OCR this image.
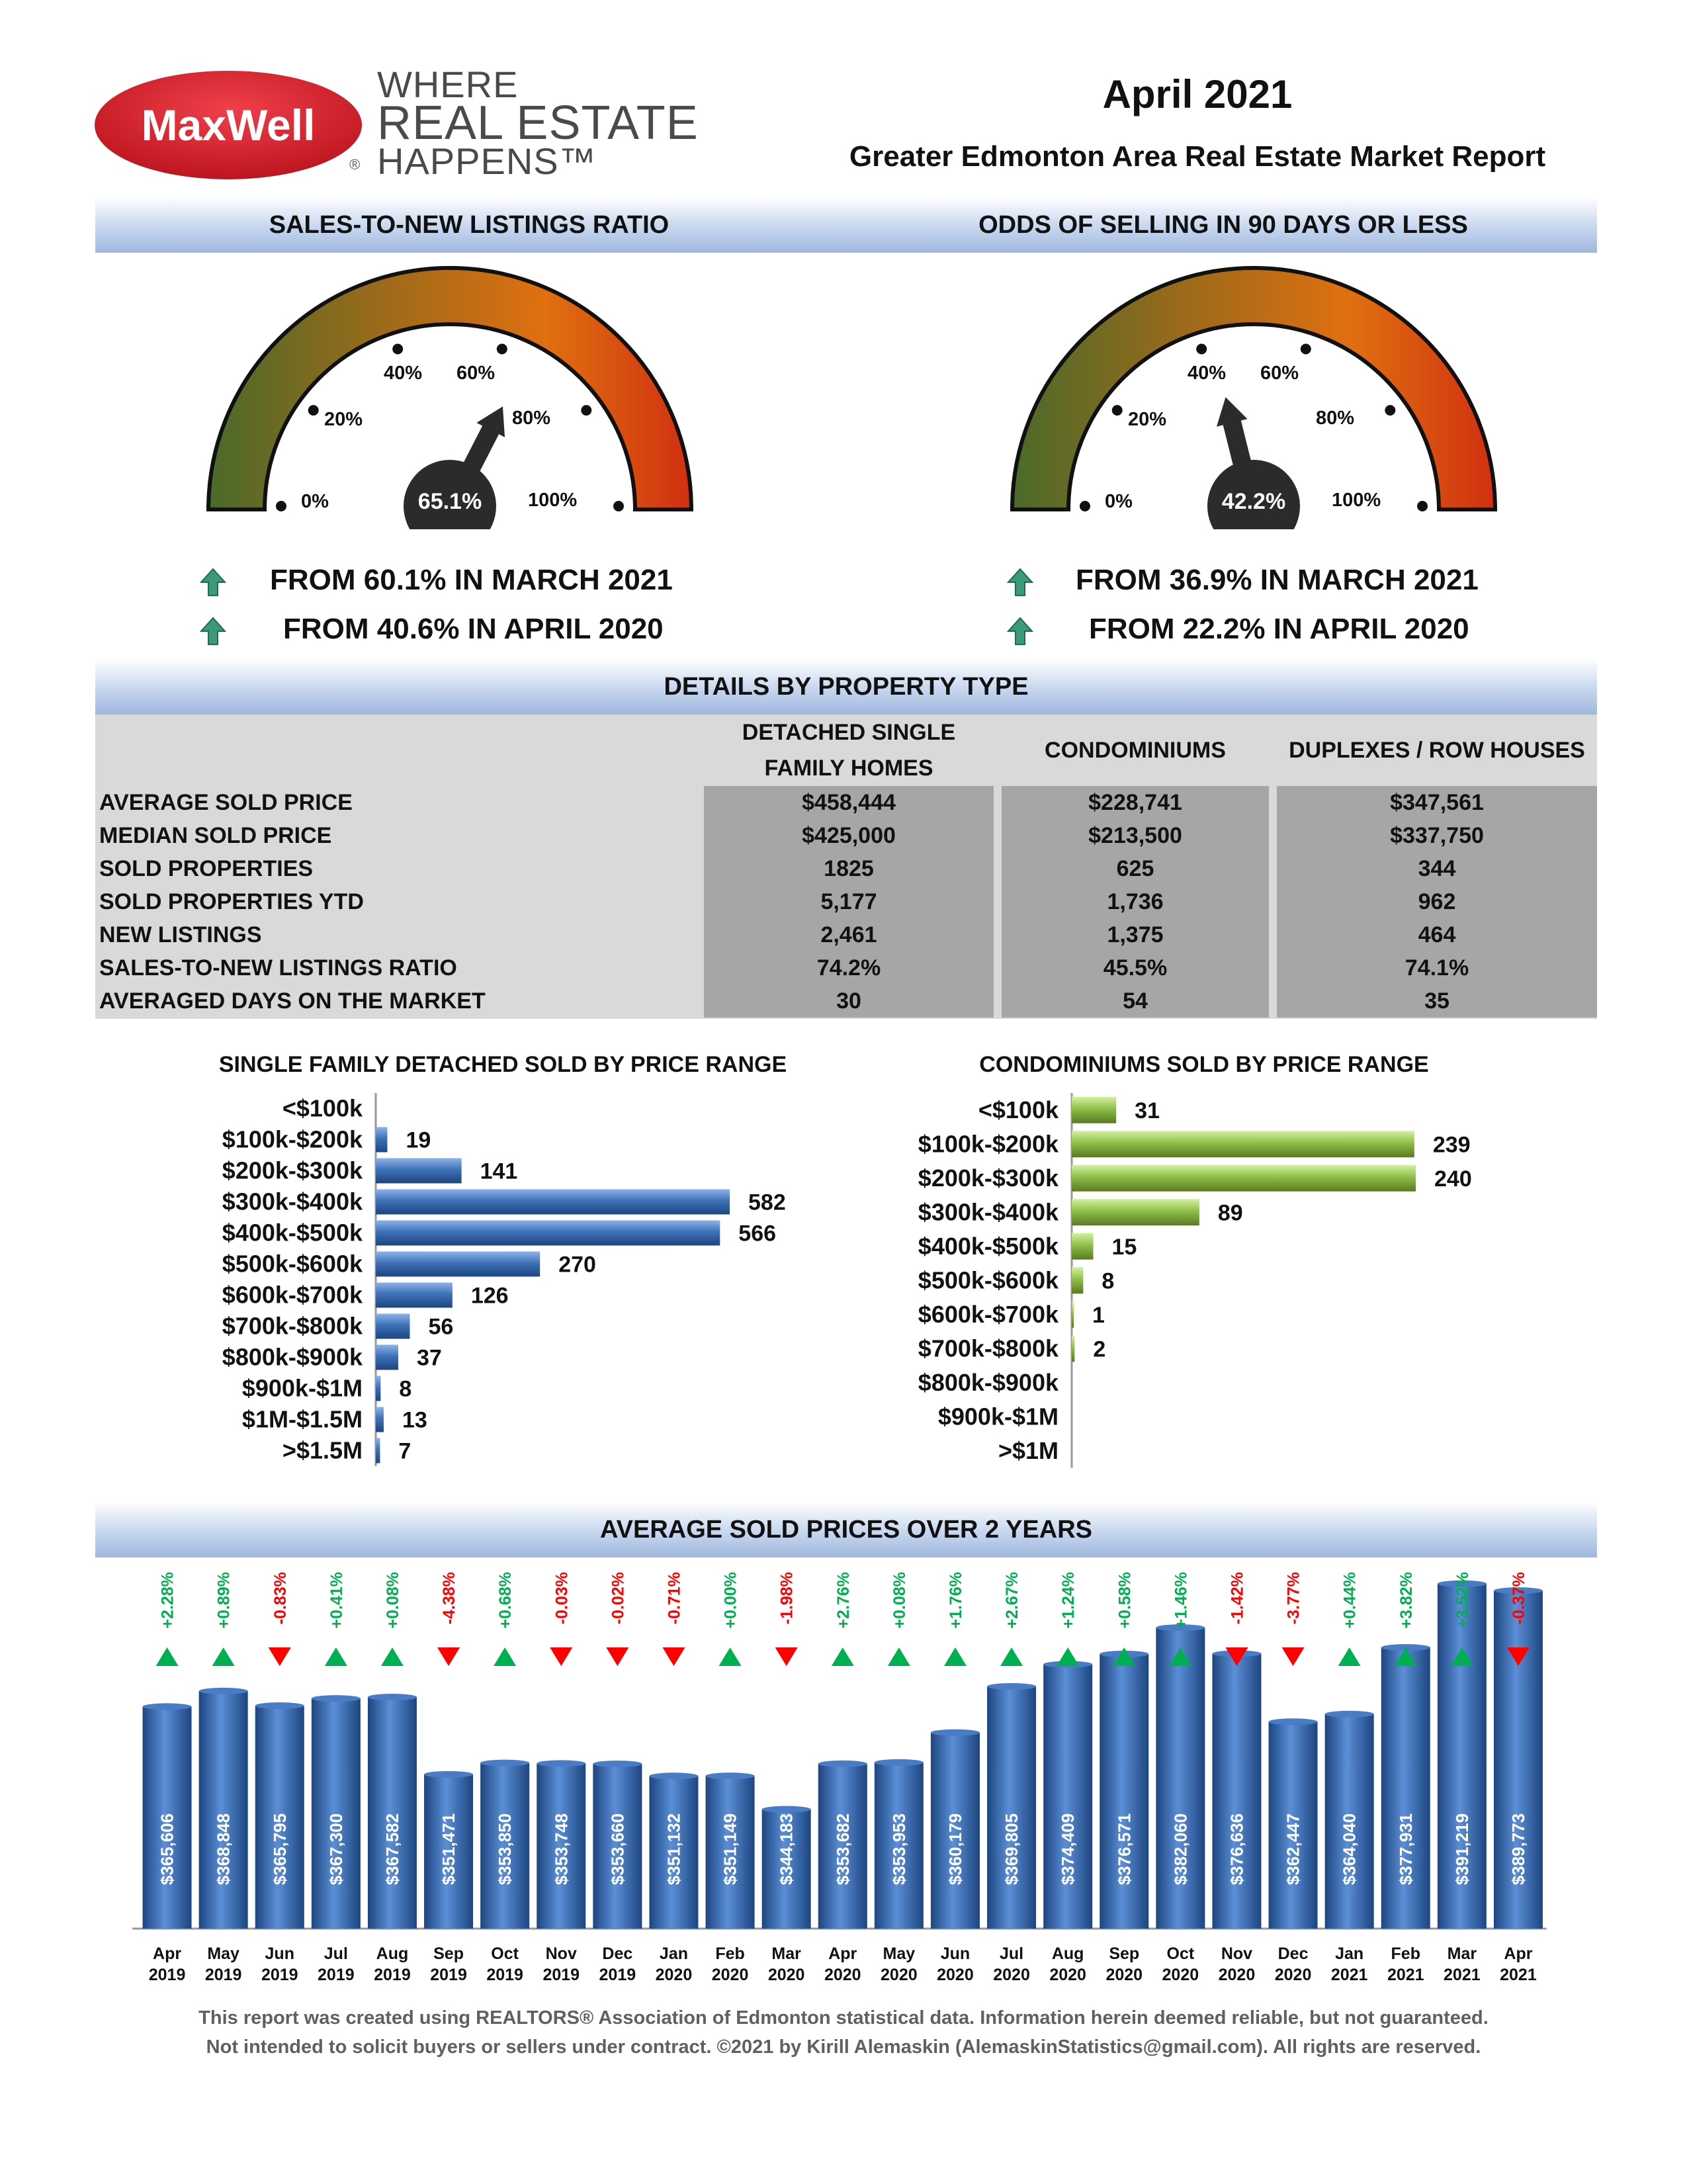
MaxWell
®
WHERE
REAL ESTATE
HAPPENS™
April 2021
Greater Edmonton Area Real Estate Market Report
SALES-TO-NEW LISTINGS RATIO	ODDS OF SELLING IN 90 DAYS OR LESS
0%
20%
40% 60%
80%
100%
65.1%	0%
20%
40% 60%
80%
100%
42.2%
FROM 60.1% IN MARCH 2021
FROM 40.6% IN APRIL 2020
FROM 36.9% IN MARCH 2021
FROM 22.2% IN APRIL 2020
DETAILS BY PROPERTY TYPE

	DETACHED SINGLE
FAMILY HOMES		CONDOMINIUMS		DUPLEXES / ROW HOUSES
AVERAGE SOLD PRICE	$458,444		$228,741		$347,561
MEDIAN SOLD PRICE	$425,000		$213,500		$337,750
SOLD PROPERTIES	1825		625		344
SOLD PROPERTIES YTD	5,177		1,736		962
NEW LISTINGS	2,461		1,375		464
SALES-TO-NEW LISTINGS RATIO	74.2%		45.5%		74.1%
AVERAGED DAYS ON THE MARKET	30		54		35
SINGLE FAMILY DETACHED SOLD BY PRICE RANGE	CONDOMINIUMS SOLD BY PRICE RANGE
<$100k
$100k-$200k 19
$200k-$300k	141
$300k-$400k	582
$400k-$500k	566
$500k-$600k	270
$600k-$700k	126
$700k-$800k	56
$800k-$900k 37
$900k-$1M 8
$1M-$1.5M 13
>$1.5M 7
<$100k	31
$100k-$200k	239
$200k-$300k	240
$300k-$400k	89
$400k-$500k 15
$500k-$600k 8
$600k-$700k 1
$700k-$800k 2
$800k-$900k
$900k-$1M
>$1M
AVERAGE SOLD PRICES OVER 2 YEARS
$365,606
+2.28%
Apr
2019
$368,848
+0.89%
May
2019
$365,795
-0.83%
Jun
2019
$367,300
+0.41%
Jul
2019
$367,582
+0.08%
Aug
2019
$351,471
-4.38%
Sep
2019
$353,850
+0.68%
Oct
2019
$353,748
-0.03%
Nov
2019
$353,660
-0.02%
Dec
2019
$351,132
-0.71%
Jan
2020
$351,149
+0.00%
Feb
2020
$344,183
-1.98%
Mar
2020
$353,682
+2.76%
Apr
2020
$353,953
+0.08%
May
2020
$360,179
+1.76%
Jun
2020
$369,805
+2.67%
Jul
2020
$374,409
+1.24%
Aug
2020
$376,571
+0.58%
Sep
2020
$382,060
+1.46%
Oct
2020
$376,636
-1.42%
Nov
2020
$362,447
-3.77%
Dec
2020
$364,040
+0.44%
Jan
2021
$377,931
+3.82%
Feb
2021
$391,219
+3.52%
Mar
2021
$389,773
-0.37%
Apr
2021
This report was created using REALTORS® Association of Edmonton statistical data. Information herein deemed reliable, but not guaranteed.
Not intended to solicit buyers or sellers under contract. ©2021 by Kirill Alemaskin (AlemaskinStatistics@gmail.com). All rights are reserved.
